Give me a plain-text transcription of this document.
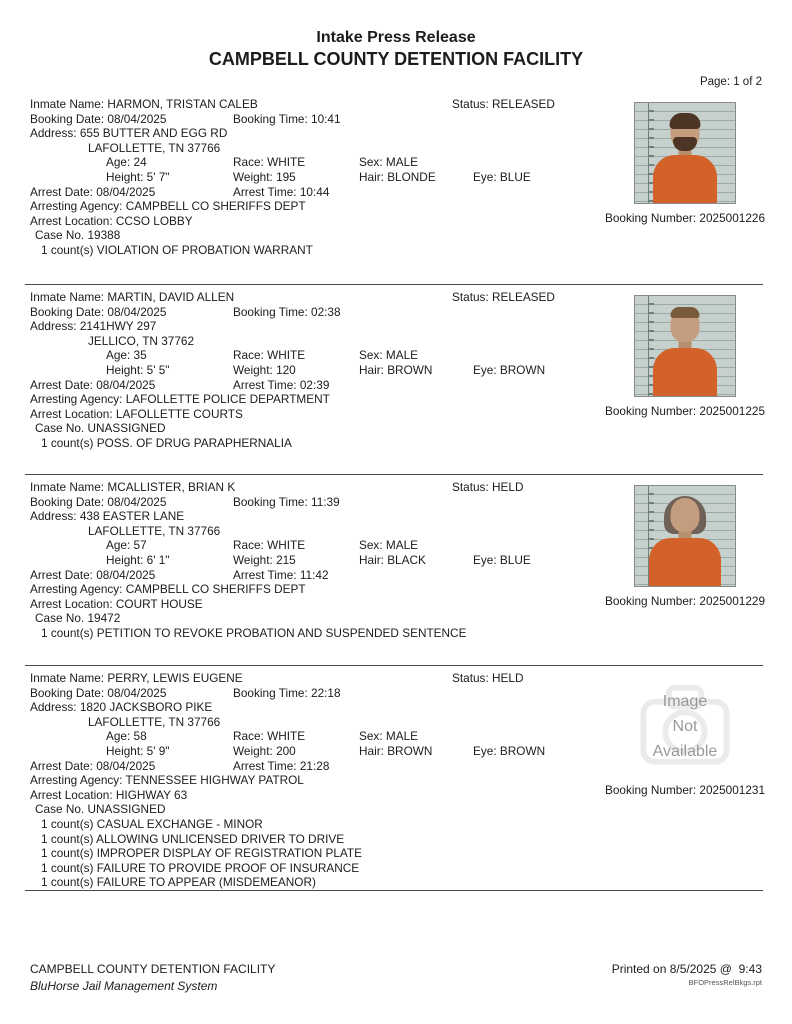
Intake Press Release
CAMPBELL COUNTY DETENTION FACILITY
Page: 1 of 2
Inmate Name: HARMON, TRISTAN CALEB	Status: RELEASED
Booking Date: 08/04/2025	Booking Time: 10:41
Address: 655 BUTTER AND EGG RD
LAFOLLETTE, TN 37766
Age: 24	Race: WHITE	Sex: MALE
Height: 5' 7"	Weight: 195	Hair: BLONDE	Eye: BLUE
Arrest Date: 08/04/2025	Arrest Time: 10:44
Arresting Agency: CAMPBELL CO SHERIFFS DEPT
Arrest Location: CCSO LOBBY
Case No. 19388
1 count(s) VIOLATION OF PROBATION WARRANT
Booking Number: 2025001226
Inmate Name: MARTIN, DAVID ALLEN	Status: RELEASED
Booking Date: 08/04/2025	Booking Time: 02:38
Address: 2141HWY 297
JELLICO, TN 37762
Age: 35	Race: WHITE	Sex: MALE
Height: 5' 5"	Weight: 120	Hair: BROWN	Eye: BROWN
Arrest Date: 08/04/2025	Arrest Time: 02:39
Arresting Agency: LAFOLLETTE POLICE DEPARTMENT
Arrest Location: LAFOLLETTE COURTS
Case No. UNASSIGNED
1 count(s) POSS. OF DRUG PARAPHERNALIA
Booking Number: 2025001225
Inmate Name: MCALLISTER, BRIAN K	Status: HELD
Booking Date: 08/04/2025	Booking Time: 11:39
Address: 438 EASTER LANE
LAFOLLETTE, TN 37766
Age: 57	Race: WHITE	Sex: MALE
Height: 6' 1"	Weight: 215	Hair: BLACK	Eye: BLUE
Arrest Date: 08/04/2025	Arrest Time: 11:42
Arresting Agency: CAMPBELL CO SHERIFFS DEPT
Arrest Location: COURT HOUSE
Case No. 19472
1 count(s) PETITION TO REVOKE PROBATION AND SUSPENDED SENTENCE
Booking Number: 2025001229
Inmate Name: PERRY, LEWIS EUGENE	Status: HELD
Booking Date: 08/04/2025	Booking Time: 22:18
Address: 1820 JACKSBORO PIKE
LAFOLLETTE, TN 37766
Age: 58	Race: WHITE	Sex: MALE
Height: 5' 9"	Weight: 200	Hair: BROWN	Eye: BROWN
Arrest Date: 08/04/2025	Arrest Time: 21:28
Arresting Agency: TENNESSEE HIGHWAY PATROL
Arrest Location: HIGHWAY 63
Case No. UNASSIGNED
1 count(s) CASUAL EXCHANGE - MINOR
1 count(s) ALLOWING UNLICENSED DRIVER TO DRIVE
1 count(s) IMPROPER DISPLAY OF REGISTRATION PLATE
1 count(s) FAILURE TO PROVIDE PROOF OF INSURANCE
1 count(s) FAILURE TO APPEAR (MISDEMEANOR)
Image
Not
Available
Booking Number: 2025001231
CAMPBELL COUNTY DETENTION FACILITY
BluHorse Jail Management System
Printed on 8/5/2025 @  9:43
BFOPressRelBkgs.rpt
